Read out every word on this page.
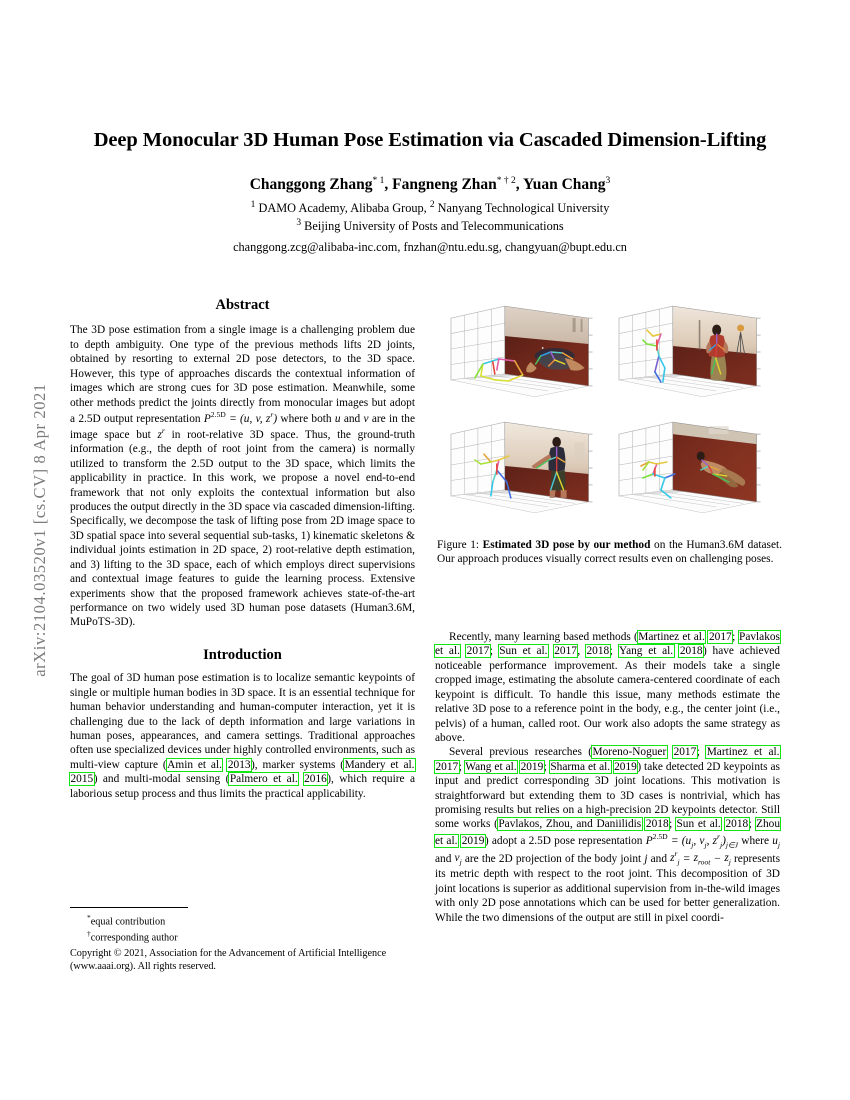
arXiv:2104.03520v1 [cs.CV] 8 Apr 2021
Deep Monocular 3D Human Pose Estimation via Cascaded Dimension-Lifting
Changgong Zhang$^{* 1}$, Fangneng Zhan$^{* \dagger 2}$, Yuan Chang$^3$
$^1$ DAMO Academy, Alibaba Group, $^2$ Nanyang Technological University
$^3$ Beijing University of Posts and Telecommunications
changgong.zcg@alibaba-inc.com, fnzhan@ntu.edu.sg, changyuan@bupt.edu.cn
Abstract

The 3D pose estimation from a single image is a challenging problem due to depth ambiguity. One type of the previous methods lifts 2D joints, obtained by resorting to external 2D pose detectors, to the 3D space. However, this type of approaches discards the contextual information of images which are strong cues for 3D pose estimation. Meanwhile, some other methods predict the joints directly from monocular images but adopt a 2.5D output representation $P^{2.5D} = (u$, v, $z^r$) where both u and v are in the image space but $z^r$ in root-relative 3D space. Thus, the ground-truth information (e.g., the depth of root joint from the camera) is normally utilized to transform the 2.5D output to the 3D space, which limits the applicability in practice. In this work, we propose a novel end-to-end framework that not only exploits the contextual information but also produces the output directly in the 3D space via cascaded dimension-lifting. Specifically, we decompose the task of lifting pose from 2D image space to 3D spatial space into several sequential sub-tasks, 1) kinematic skeletons & individual joints estimation in 2D space, 2) root-relative depth estimation, and 3) lifting to the 3D space, each of which employs direct supervisions and contextual image features to guide the learning process. Extensive experiments show that the proposed framework achieves state-of-the-art performance on two widely used 3D human pose datasets (Human3.6M, MuPoTS-3D).

Introduction

The goal of 3D human pose estimation is to localize semantic keypoints of single or multiple human bodies in 3D space. It is an essential technique for human behavior understanding and human-computer interaction, yet it is challenging due to the lack of depth information and large variations in human poses, appearances, and camera settings. Traditional approaches often use specialized devices under highly controlled environments, such as multi-view capture (Amin et al. 2013), marker systems (Mandery et al. 2015) and multi-modal sensing (Palmero et al. 2016), which require a laborious setup process and thus limits the practical applicability.

*equal contribution
†corresponding author
Copyright © 2021, Association for the Advancement of Artificial Intelligence (www.aaai.org). All rights reserved.
Figure 1: Estimated 3D pose by our method on the Human3.6M dataset. Our approach produces visually correct results even on challenging poses.

Recently, many learning based methods (Martinez et al. 2017; Pavlakos et al. 2017; Sun et al. 2017, 2018; Yang et al. 2018) have achieved noticeable performance improvement. As their models take a single cropped image, estimating the absolute camera-centered coordinate of each keypoint is difficult. To handle this issue, many methods estimate the relative 3D pose to a reference point in the body, e.g., the center joint (i.e., pelvis) of a human, called root. Our work also adopts the same strategy as above.

Several previous researches (Moreno-Noguer 2017; Martinez et al. 2017; Wang et al. 2019; Sharma et al. 2019) take detected 2D keypoints as input and predict corresponding 3D joint locations. This motivation is straightforward but extending them to 3D cases is nontrivial, which has promising results but relies on a high-precision 2D keypoints detector. Still some works (Pavlakos, Zhou, and Daniilidis 2018; Sun et al. 2018; Zhou et al. 2019) adopt a 2.5D pose representation $P^{2.5D} = (u_j$, $v_j$, $z^r_j)_{j\in J}$ where $u_j$ and $v_j$ are the 2D projection of the body joint j and $z^r_j = z_{root} - z_j$ represents its metric depth with respect to the root joint. This decomposition of 3D joint locations is superior as additional supervision from in-the-wild images with only 2D pose annotations which can be used for better generalization. While the two dimensions of the output are still in pixel coordi-
